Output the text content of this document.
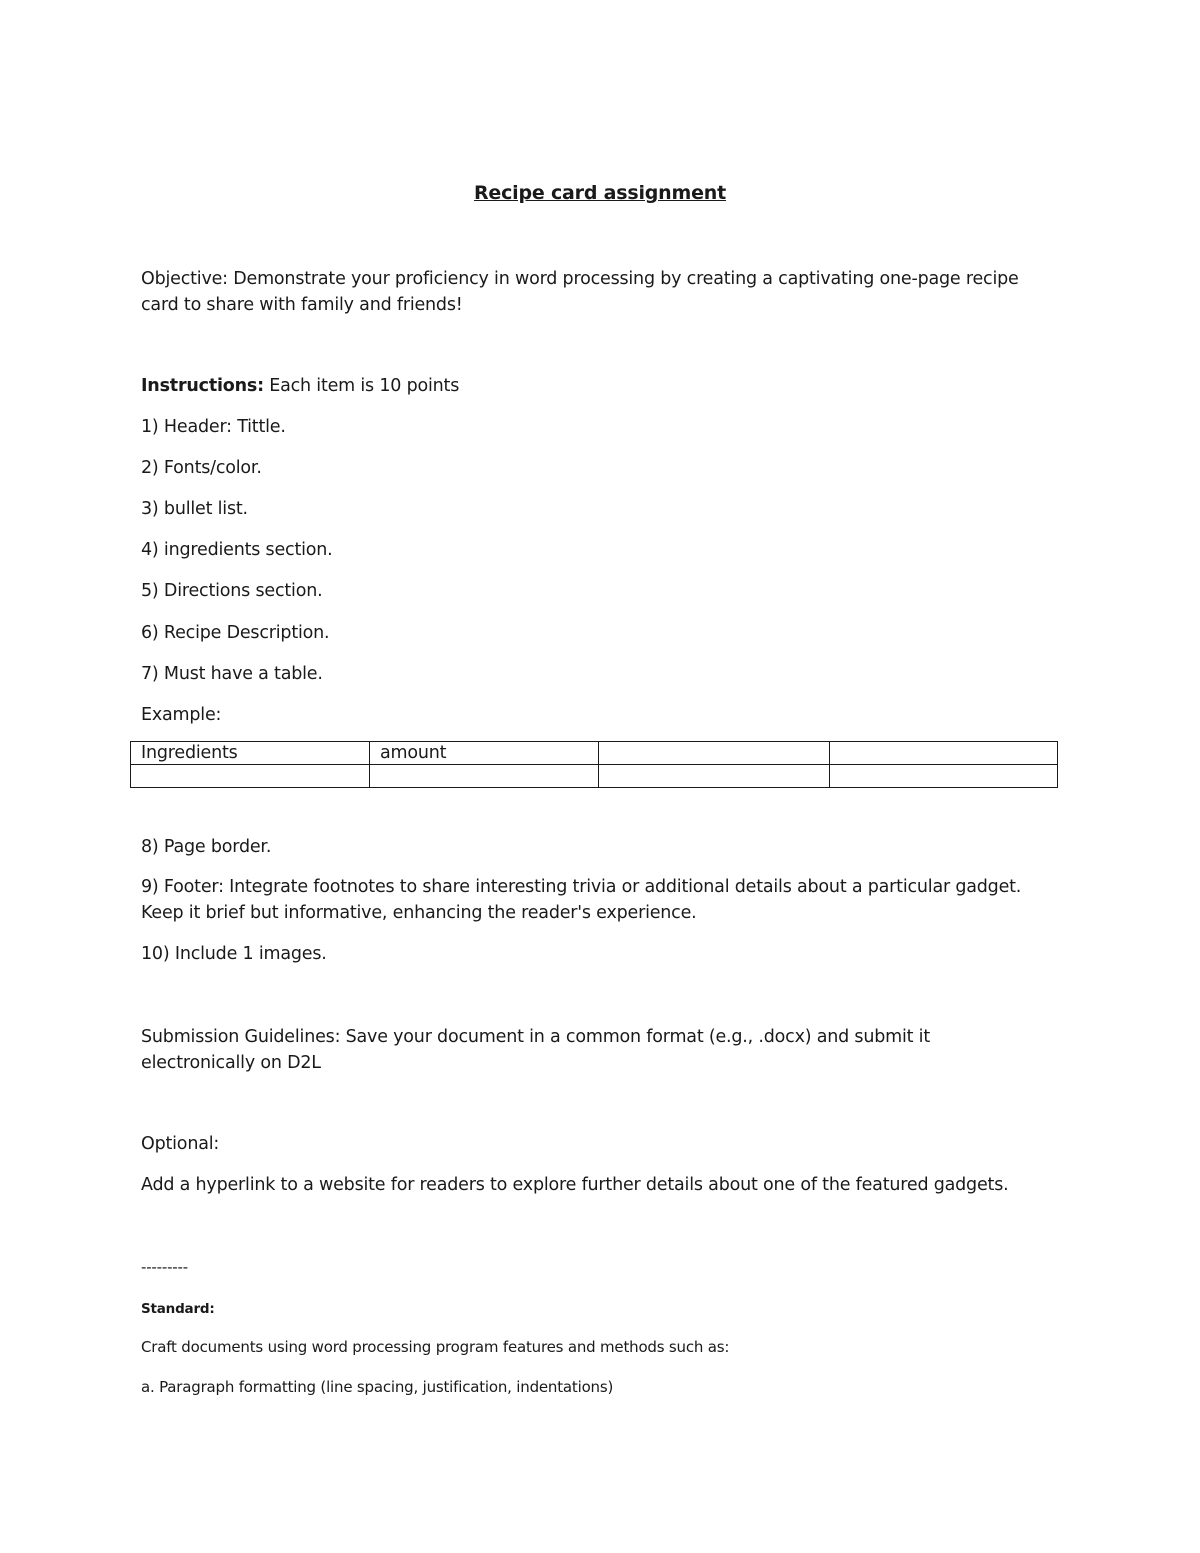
Recipe card assignment
Objective: Demonstrate your proficiency in word processing by creating a captivating one-page recipe
card to share with family and friends!
Instructions: Each item is 10 points
1) Header: Tittle.
2) Fonts/color.
3) bullet list.
4) ingredients section.
5) Directions section.
6) Recipe Description.
7) Must have a table.
Example:
Ingredients	amount		

8) Page border.
9) Footer: Integrate footnotes to share interesting trivia or additional details about a particular gadget.
Keep it brief but informative, enhancing the reader's experience.
10) Include 1 images.
Submission Guidelines: Save your document in a common format (e.g., .docx) and submit it
electronically on D2L
Optional:
Add a hyperlink to a website for readers to explore further details about one of the featured gadgets.
---------
Standard:
Craft documents using word processing program features and methods such as:
a. Paragraph formatting (line spacing, justification, indentations)
